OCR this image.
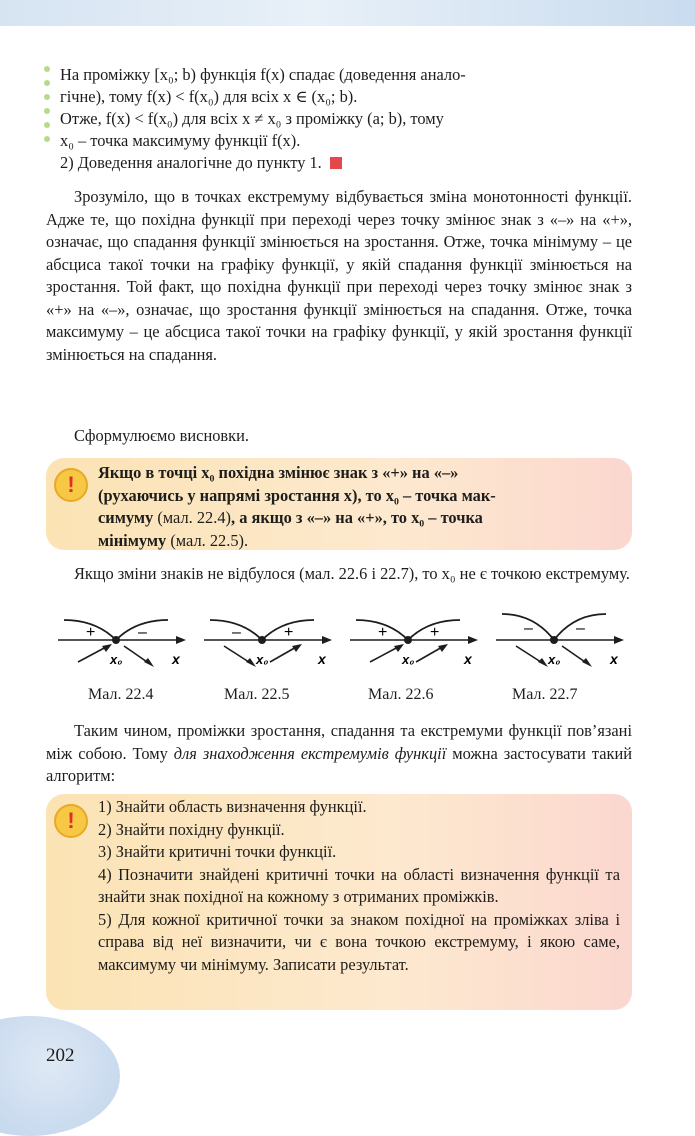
На проміжку [x₀; b) функція f(x) спадає (доведення анало-
гічне), тому f(x) < f(x₀) для всіх x ∈ (x₀; b).
Отже, f(x) < f(x₀) для всіх x ≠ x₀ з проміжку (a; b), тому
x₀ – точка максимуму функції f(x).
2) Доведення аналогічне до пункту 1.

Зрозуміло, що в точках екстремуму відбувається зміна монотонності функції. Адже те, що похідна функції при переході через точку змінює знак з «–» на «+», означає, що спадання функції змінюється на зростання. Отже, точка мінімуму – це абсциса такої точки на графіку функції, у якій спадання функції змінюється на зростання. Той факт, що похідна функції при переході через точку змінює знак з «+» на «–», означає, що зростання функції змінюється на спадання. Отже, точка максимуму – це абсциса такої точки на графіку функції, у якій зростання функції змінюється на спадання.

Сформулюємо висновки.

!	Якщо в точці x₀ похідна змінює знак з «+» на «–»
(рухаючись у напрямі зростання x), то x₀ – точка мак-
симуму (мал. 22.4), а якщо з «–» на «+», то x₀ – точка
мінімуму (мал. 22.5).

Якщо зміни знаків не відбулося (мал. 22.6 і 22.7), то x₀ не є точкою екстремуму.

+	–
x₀	x
–	+
x₀	x
+	+
x₀	x
–	–
x₀	x
Мал. 22.4	Мал. 22.5	Мал. 22.6	Мал. 22.7

Таким чином, проміжки зростання, спадання та екстремуми функції пов’язані між собою. Тому для знаходження екстремумів функції можна застосувати такий алгоритм:

!
1) Знайти область визначення функції.
2) Знайти похідну функції.
3) Знайти критичні точки функції.
4) Позначити знайдені критичні точки на області визначення функції та знайти знак похідної на кожному з отриманих проміжків.
5) Для кожної критичної точки за знаком похідної на проміжках зліва і справа від неї визначити, чи є вона точкою екстремуму, і якою саме, максимуму чи мінімуму. Записати результат.
202
